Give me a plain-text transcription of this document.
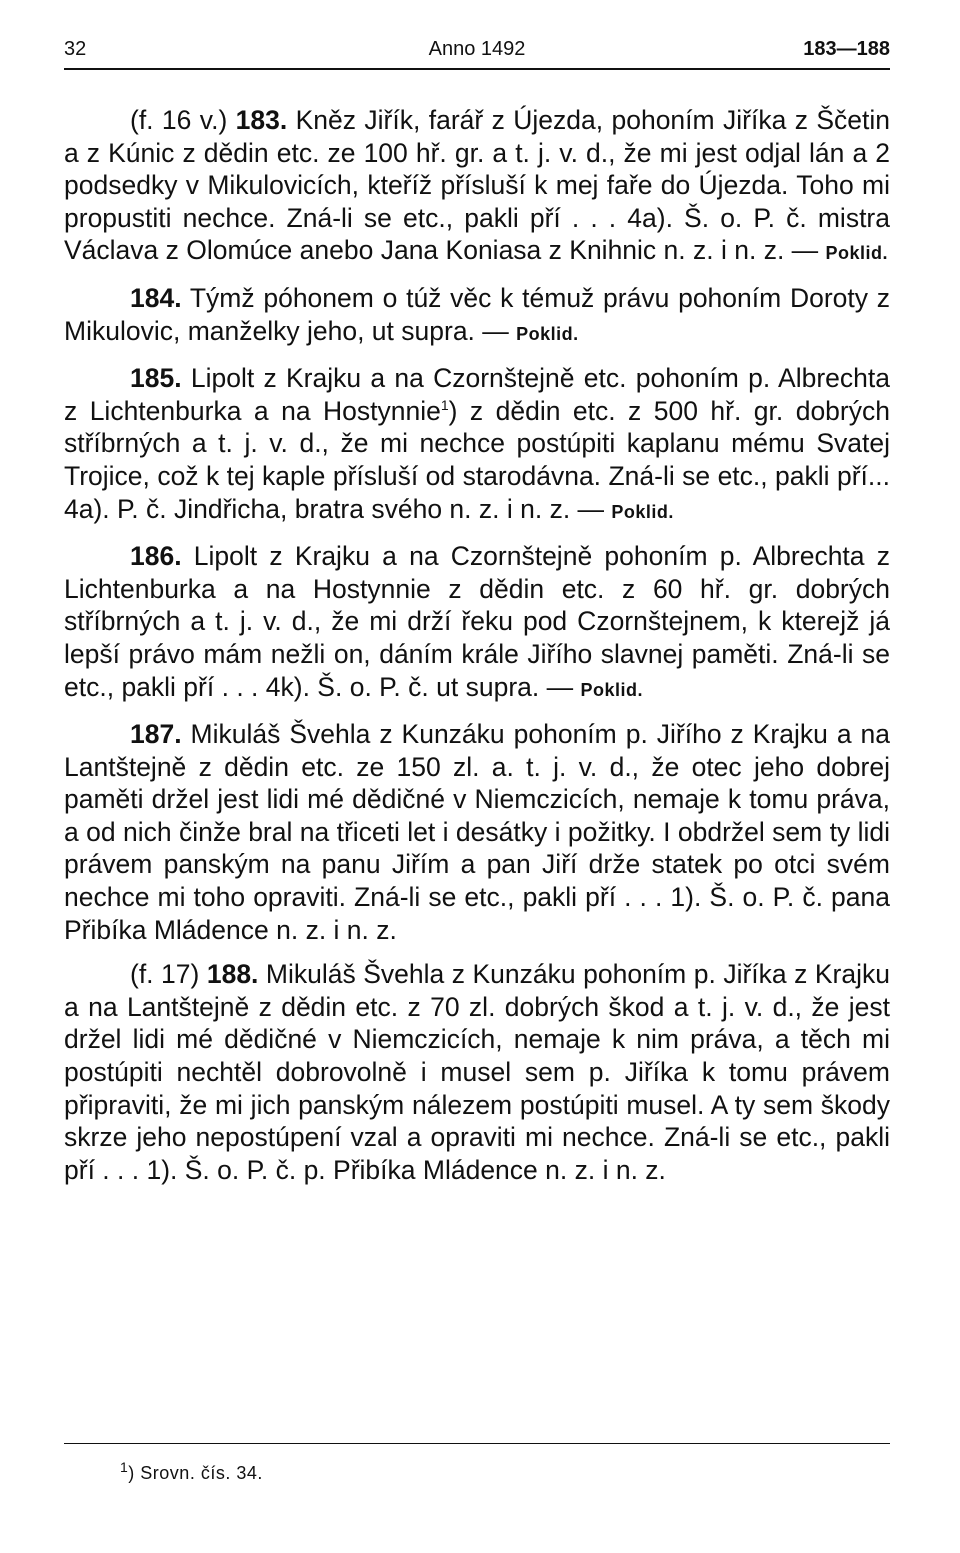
32	Anno 1492	183—188

(f. 16 v.) 183. Kněz Jiřík, farář z Újezda, pohoním Jiříka z Ščetin a z Kúnic z dědin etc. ze 100 hř. gr. a t. j. v. d., že mi jest odjal lán a 2 podsedky v Mikulovicích, kteříž přísluší k mej faře do Újezda. Toho mi propustiti nechce. Zná-li se etc., pakli pří . . . 4a). Š. o. P. č. mistra Václava z Olomúce anebo Jana Koniasa z Knihnic n. z. i n. z. — Poklid.

184. Týmž póhonem o túž věc k témuž právu pohoním Doroty z Mikulovic, manželky jeho, ut supra. — Poklid.

185. Lipolt z Krajku a na Czornštejně etc. pohoním p. Albrechta z Lichtenburka a na Hostynnie$^1$) z dědin etc. z 500 hř. gr. dobrých stříbrných a t. j. v. d., že mi nechce postúpiti kaplanu mému Svatej Trojice, což k tej kaple přísluší od starodávna. Zná-li se etc., pakli pří... 4a). P. č. Jindřicha, bratra svého n. z. i n. z. — Poklid.

186. Lipolt z Krajku a na Czornštejně pohoním p. Albrechta z Lichtenburka a na Hostynnie z dědin etc. z 60 hř. gr. dobrých stříbrných a t. j. v. d., že mi drží řeku pod Czornštejnem, k kterejž já lepší právo mám nežli on, dáním krále Jiřího slavnej paměti. Zná-li se etc., pakli pří . . . 4k). Š. o. P. č. ut supra. — Poklid.

187. Mikuláš Švehla z Kunzáku pohoním p. Jiřího z Krajku a na Lantštejně z dědin etc. ze 150 zl. a. t. j. v. d., že otec jeho dobrej paměti držel jest lidi mé dědičné v Niemczicích, nemaje k tomu práva, a od nich činže bral na třiceti let i desátky i požitky. I obdržel sem ty lidi právem panským na panu Jiřím a pan Jiří drže statek po otci svém nechce mi toho opraviti. Zná-li se etc., pakli pří . . . 1). Š. o. P. č. pana Přibíka Mládence n. z. i n. z.

(f. 17) 188. Mikuláš Švehla z Kunzáku pohoním p. Jiříka z Krajku a na Lantštejně z dědin etc. z 70 zl. dobrých škod a t. j. v. d., že jest držel lidi mé dědičné v Niemczicích, nemaje k nim práva, a těch mi postúpiti nechtěl dobrovolně i musel sem p. Jiříka k tomu právem připraviti, že mi jich panským nálezem postúpiti musel. A ty sem škody skrze jeho nepostúpení vzal a opraviti mi nechce. Zná-li se etc., pakli pří . . . 1). Š. o. P. č. p. Přibíka Mládence n. z. i n. z.

$^1$) Srovn. čís. 34.
